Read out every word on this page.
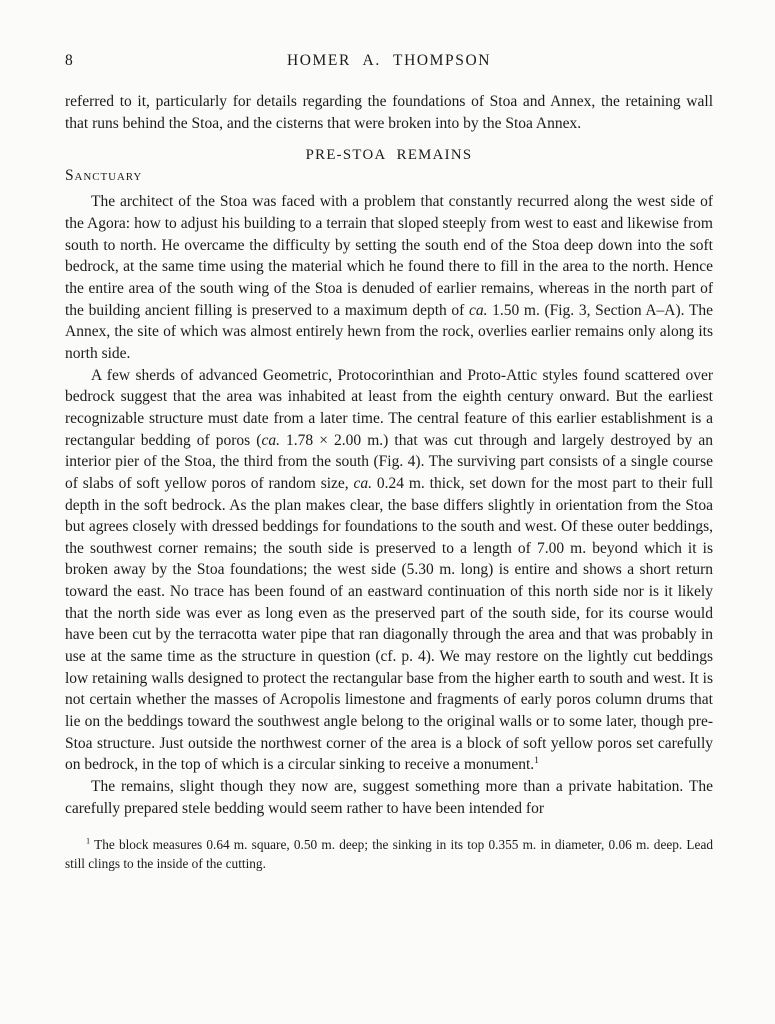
8	HOMER A. THOMPSON

referred to it, particularly for details regarding the foundations of Stoa and Annex, the retaining wall that runs behind the Stoa, and the cisterns that were broken into by the Stoa Annex.

PRE-STOA REMAINS
Sanctuary

The architect of the Stoa was faced with a problem that constantly recurred along the west side of the Agora: how to adjust his building to a terrain that sloped steeply from west to east and likewise from south to north. He overcame the difficulty by setting the south end of the Stoa deep down into the soft bedrock, at the same time using the material which he found there to fill in the area to the north. Hence the entire area of the south wing of the Stoa is denuded of earlier remains, whereas in the north part of the building ancient filling is preserved to a maximum depth of ca. 1.50 m. (Fig. 3, Section A–A). The Annex, the site of which was almost entirely hewn from the rock, overlies earlier remains only along its north side.

A few sherds of advanced Geometric, Protocorinthian and Proto-Attic styles found scattered over bedrock suggest that the area was inhabited at least from the eighth century onward. But the earliest recognizable structure must date from a later time. The central feature of this earlier establishment is a rectangular bedding of poros (ca. 1.78 × 2.00 m.) that was cut through and largely destroyed by an interior pier of the Stoa, the third from the south (Fig. 4). The surviving part consists of a single course of slabs of soft yellow poros of random size, ca. 0.24 m. thick, set down for the most part to their full depth in the soft bedrock. As the plan makes clear, the base differs slightly in orientation from the Stoa but agrees closely with dressed beddings for foundations to the south and west. Of these outer beddings, the southwest corner remains; the south side is preserved to a length of 7.00 m. beyond which it is broken away by the Stoa foundations; the west side (5.30 m. long) is entire and shows a short return toward the east. No trace has been found of an eastward continuation of this north side nor is it likely that the north side was ever as long even as the preserved part of the south side, for its course would have been cut by the terracotta water pipe that ran diagonally through the area and that was probably in use at the same time as the structure in question (cf. p. 4). We may restore on the lightly cut beddings low retaining walls designed to protect the rectangular base from the higher earth to south and west. It is not certain whether the masses of Acropolis limestone and fragments of early poros column drums that lie on the beddings toward the southwest angle belong to the original walls or to some later, though pre-Stoa structure. Just outside the northwest corner of the area is a block of soft yellow poros set carefully on bedrock, in the top of which is a circular sinking to receive a monument.$^1$

The remains, slight though they now are, suggest something more than a private habitation. The carefully prepared stele bedding would seem rather to have been intended for

$^1$ The block measures 0.64 m. square, 0.50 m. deep; the sinking in its top 0.355 m. in diameter, 0.06 m. deep. Lead still clings to the inside of the cutting.
